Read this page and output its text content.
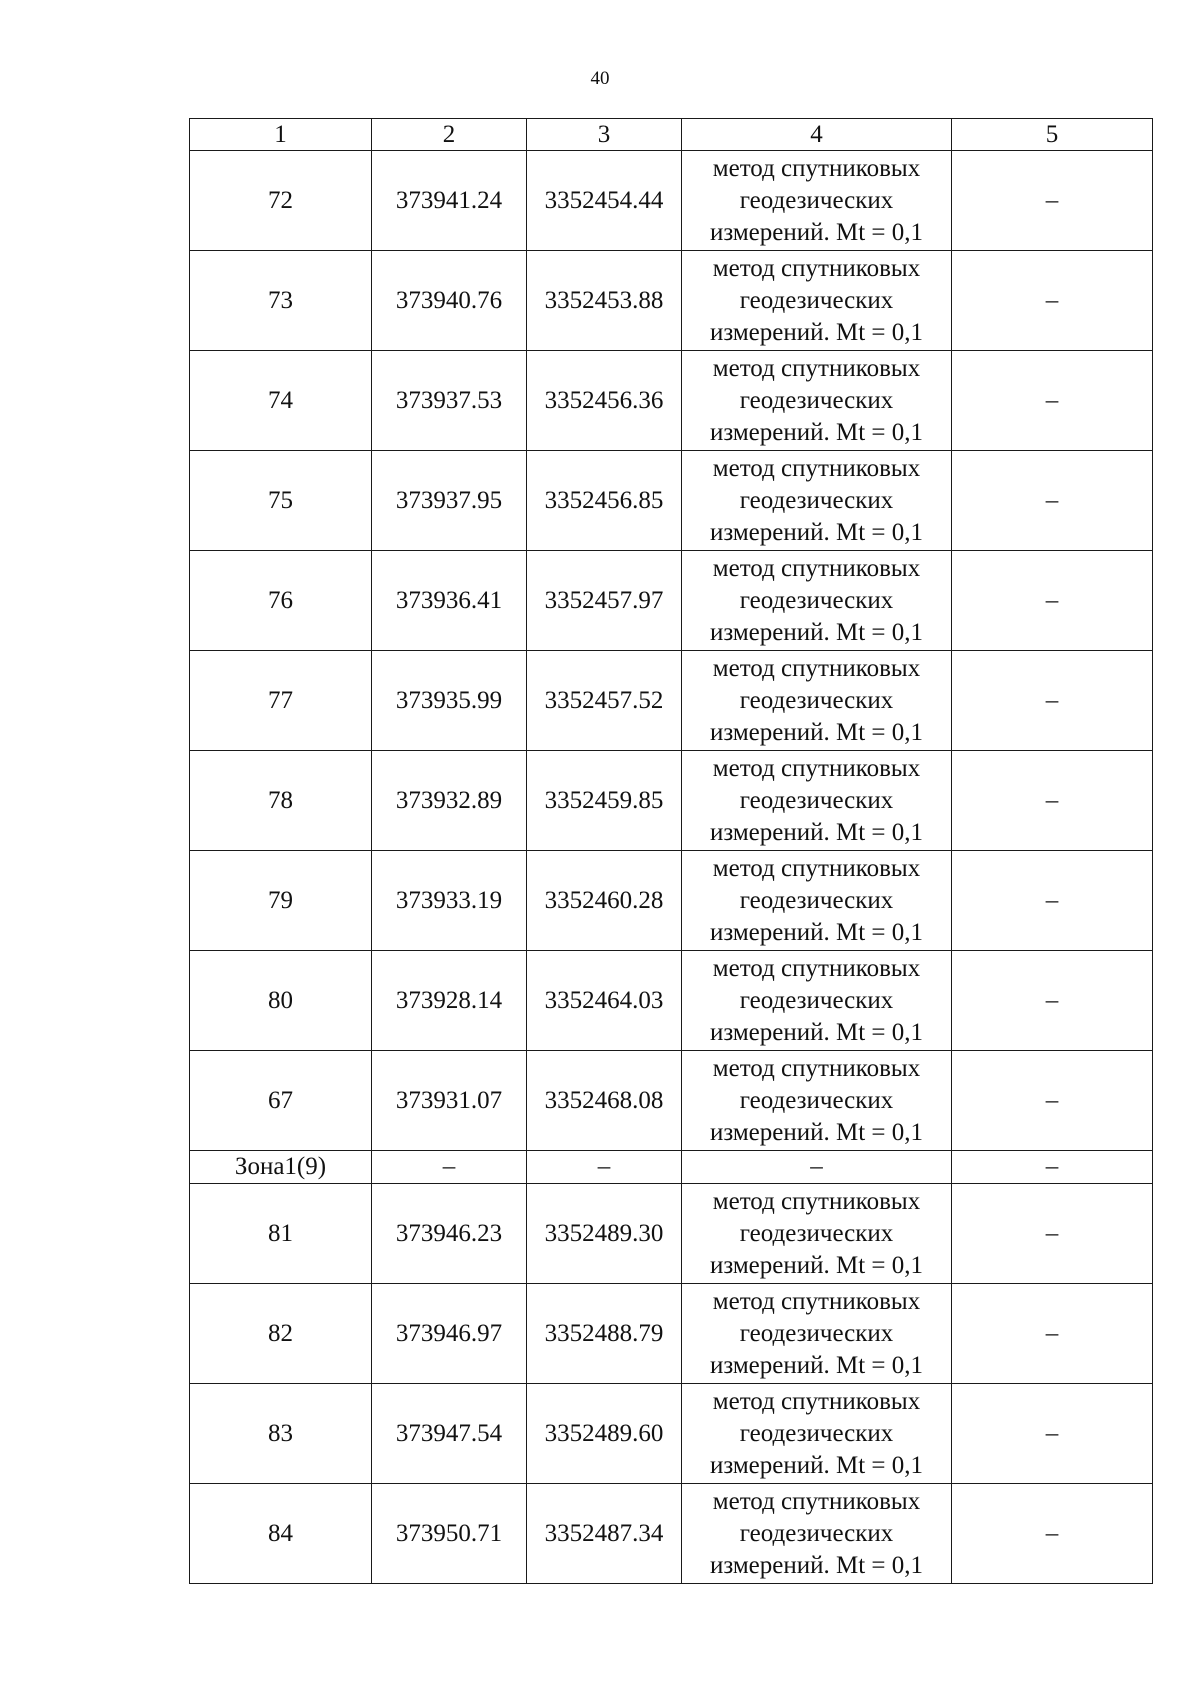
40
1	2	3	4	5
72	373941.24	3352454.44	метод спутниковых
геодезических
измерений. Mt = 0,1	–
73	373940.76	3352453.88	метод спутниковых
геодезических
измерений. Mt = 0,1	–
74	373937.53	3352456.36	метод спутниковых
геодезических
измерений. Mt = 0,1	–
75	373937.95	3352456.85	метод спутниковых
геодезических
измерений. Mt = 0,1	–
76	373936.41	3352457.97	метод спутниковых
геодезических
измерений. Mt = 0,1	–
77	373935.99	3352457.52	метод спутниковых
геодезических
измерений. Mt = 0,1	–
78	373932.89	3352459.85	метод спутниковых
геодезических
измерений. Mt = 0,1	–
79	373933.19	3352460.28	метод спутниковых
геодезических
измерений. Mt = 0,1	–
80	373928.14	3352464.03	метод спутниковых
геодезических
измерений. Mt = 0,1	–
67	373931.07	3352468.08	метод спутниковых
геодезических
измерений. Mt = 0,1	–
Зона1(9)	–	–	–	–
81	373946.23	3352489.30	метод спутниковых
геодезических
измерений. Mt = 0,1	–
82	373946.97	3352488.79	метод спутниковых
геодезических
измерений. Mt = 0,1	–
83	373947.54	3352489.60	метод спутниковых
геодезических
измерений. Mt = 0,1	–
84	373950.71	3352487.34	метод спутниковых
геодезических
измерений. Mt = 0,1	–
